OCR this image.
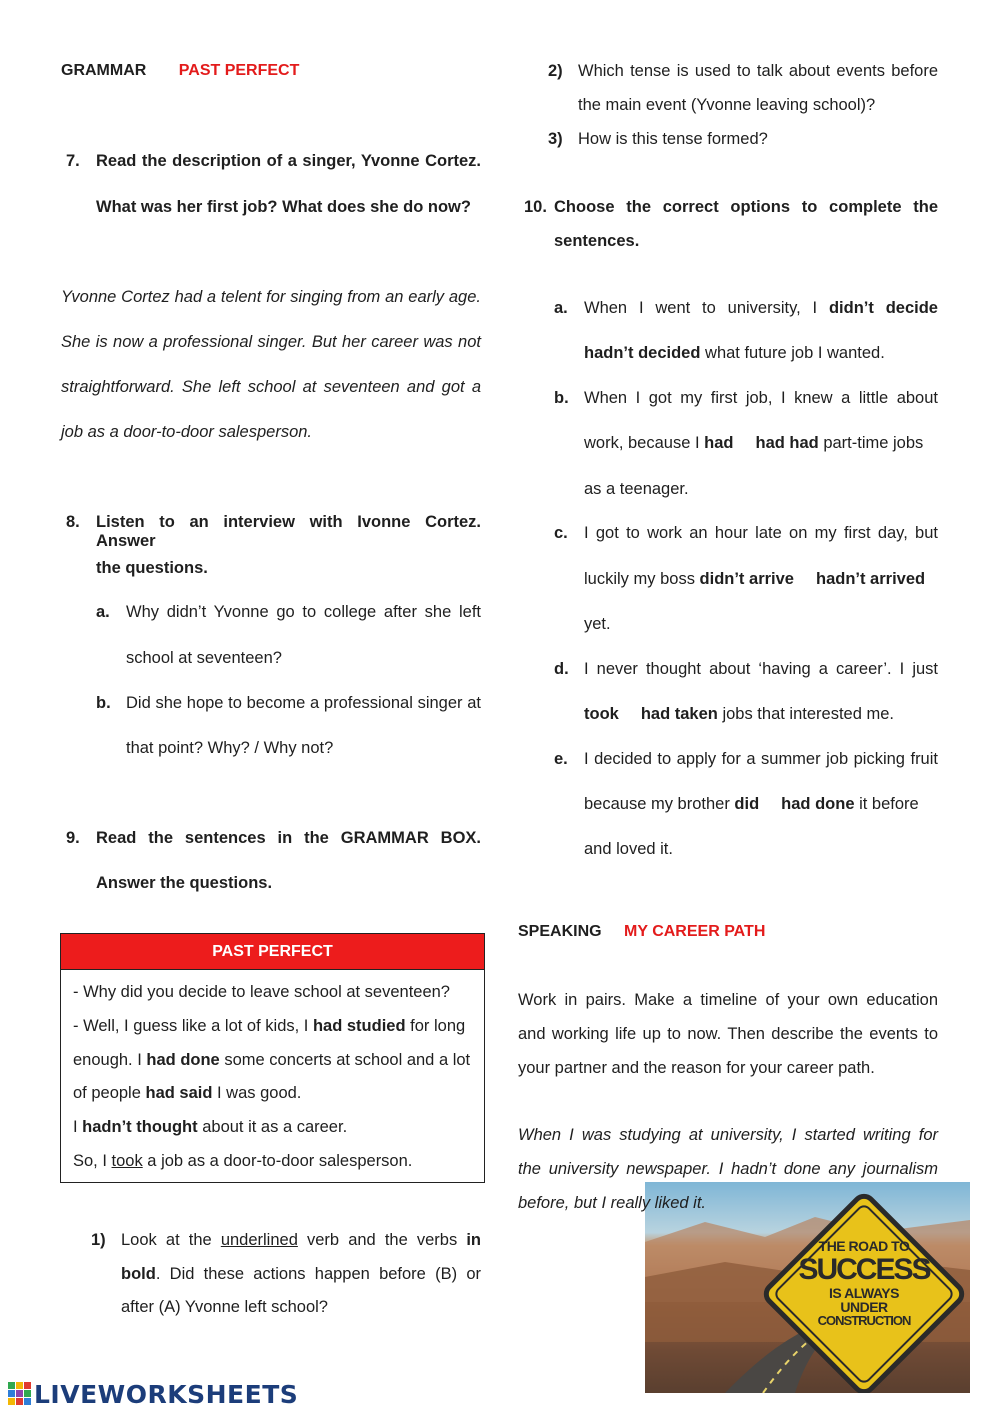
GRAMMAR PAST PERFECT
7. Read the description of a singer, Yvonne Cortez.
What was her first job? What does she do now?
Yvonne Cortez had a telent for singing from an early age.
She is now a professional singer. But her career was not
straightforward. She left school at seventeen and got a
job as a door-to-door salesperson.
8. Listen to an interview with Ivonne Cortez. Answer
the questions.
a. Why didn’t Yvonne go to college after she left
school at seventeen?
b. Did she hope to become a professional singer at
that point? Why? / Why not?
9. Read the sentences in the GRAMMAR BOX.
Answer the questions.
PAST PERFECT
- Why did you decide to leave school at seventeen?
- Well, I guess like a lot of kids, I had studied for long
enough. I had done some concerts at school and a lot
of people had said I was good.
I hadn’t thought about it as a career.
So, I took a job as a door-to-door salesperson.
1) Look at the underlined verb and the verbs in
bold. Did these actions happen before (B) or
after (A) Yvonne left school?
2) Which tense is used to talk about events before
the main event (Yvonne leaving school)?
3) How is this tense formed?
10. Choose the correct options to complete the
sentences.
a. When I went to university, I didn’t decide
hadn’t decided what future job I wanted.
b. When I got my first job, I knew a little about
work, because I had had had part-time jobs
as a teenager.
c. I got to work an hour late on my first day, but
luckily my boss didn’t arrive hadn’t arrived
yet.
d. I never thought about ‘having a career’. I just
took had taken jobs that interested me.
e. I decided to apply for a summer job picking fruit
because my brother did had done it before
and loved it.
SPEAKING MY CAREER PATH
Work in pairs. Make a timeline of your own education
and working life up to now. Then describe the events to
your partner and the reason for your career path.
THE ROAD TO
SUCCESS
IS ALWAYS
UNDER
CONSTRUCTION
When I was studying at university, I started writing for
the university newspaper. I hadn’t done any journalism
before, but I really liked it.
LIVEWORKSHEETS
